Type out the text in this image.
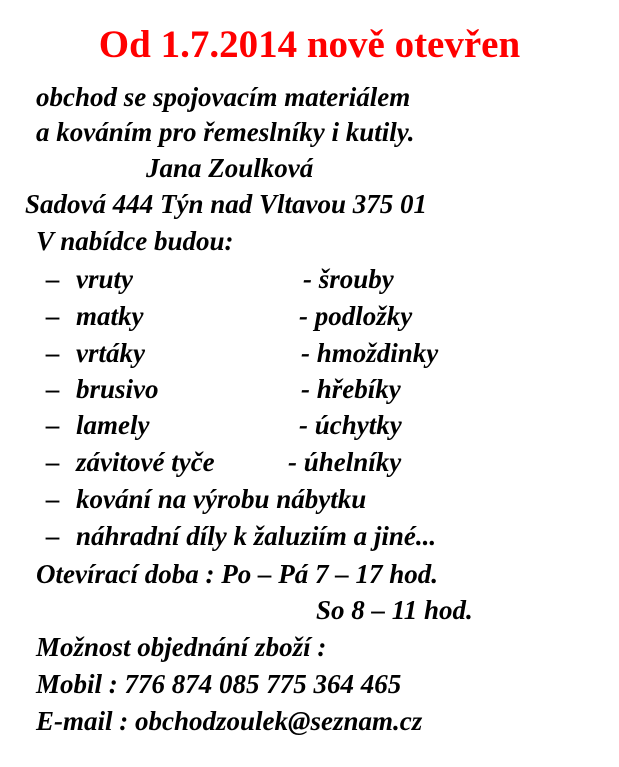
Od 1.7.2014 nově otevřen
obchod se spojovacím materiálem
a kováním pro řemeslníky i kutily.
Jana Zoulková
Sadová 444 Týn nad Vltavou 375 01
V nabídce budou:
– vruty	- šrouby
– matky	- podložky
– vrtáky	- hmoždinky
– brusivo	- hřebíky
– lamely	- úchytky
– závitové tyče	- úhelníky
– kování na výrobu nábytku
– náhradní díly k žaluziím a jiné...
Otevírací doba : Po – Pá 7 – 17 hod.
So 8 – 11 hod.
Možnost objednání zboží :
Mobil : 776 874 085 775 364 465
E-mail : obchodzoulek@seznam.cz
